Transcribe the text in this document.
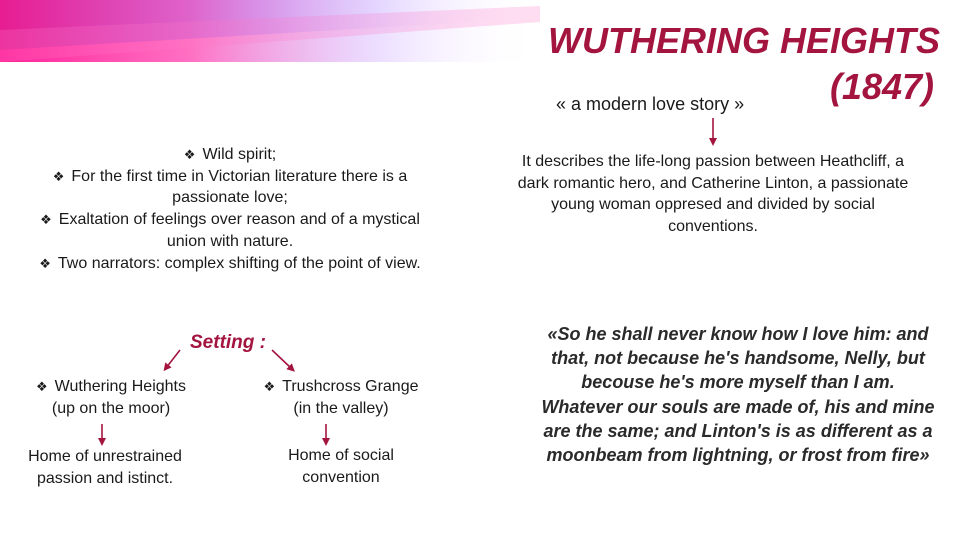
WUTHERING HEIGHTS
(1847)

« a modern love story »

❖ Wild spirit;

❖ For the first time in Victorian literature there is a passionate love;

❖ Exaltation of feelings over reason and of a mystical union with nature.

❖ Two narrators: complex shifting of the point of view.

It describes the life-long passion between Heathcliff, a dark romantic hero, and Catherine Linton, a passionate young woman oppresed and divided by social conventions.

Setting :

❖ Wuthering Heights
(up on the moor)

❖ Trushcross Grange
(in the valley)

Home of unrestrained passion and istinct.

Home of social convention

«So he shall never know how I love him: and that, not because he's handsome, Nelly, but becouse he's more myself than I am. Whatever our souls are made of, his and mine are the same; and Linton's is as different as a moonbeam from lightning, or frost from fire»
